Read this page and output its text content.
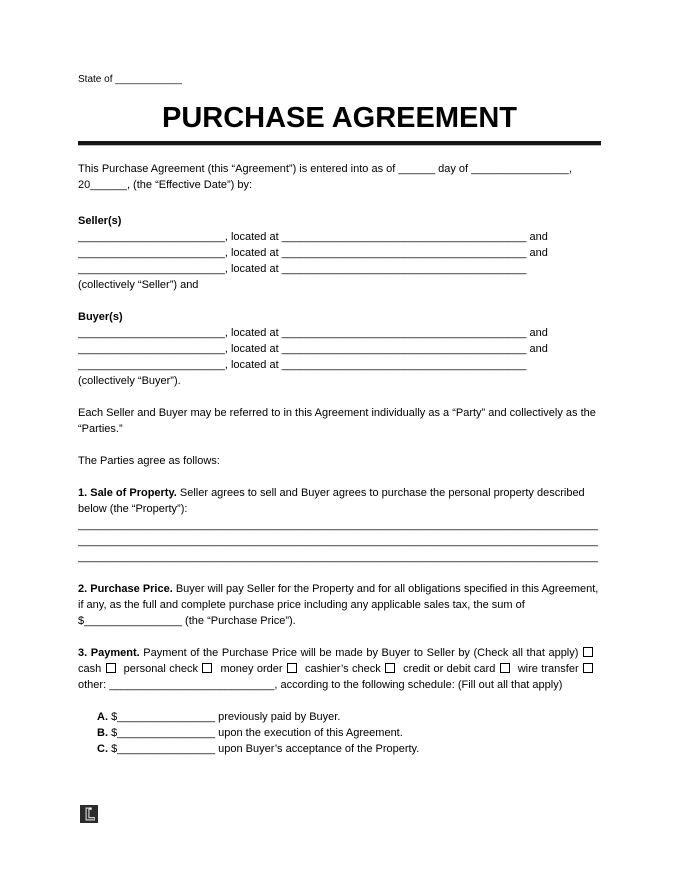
State of ____________
PURCHASE AGREEMENT

This Purchase Agreement (this “Agreement”) is entered into as of ______ day of ________________, 20______, (the “Effective Date”) by:

Seller(s)
________________________, located at ________________________________________ and
________________________, located at ________________________________________ and
________________________, located at ________________________________________
(collectively “Seller”) and
Buyer(s)
________________________, located at ________________________________________ and
________________________, located at ________________________________________ and
________________________, located at ________________________________________
(collectively “Buyer”).

Each Seller and Buyer may be referred to in this Agreement individually as a “Party” and collectively as the “Parties.”

The Parties agree as follows:

1. Sale of Property. Seller agrees to sell and Buyer agrees to purchase the personal property described below (the “Property”):

_____________________________________________________________________________________
_____________________________________________________________________________________
_____________________________________________________________________________________

2. Purchase Price. Buyer will pay Seller for the Property and for all obligations specified in this Agreement, if any, as the full and complete purchase price including any applicable sales tax, the sum of $________________ (the “Purchase Price”).

3. Payment. Payment of the Purchase Price will be made by Buyer to Seller by (Check all that apply) cash personal check money order cashier’s check credit or debit card wire transfer other: ___________________________, according to the following schedule: (Fill out all that apply)

A. $________________ previously paid by Buyer.
B. $________________ upon the execution of this Agreement.
C. $________________ upon Buyer’s acceptance of the Property.
